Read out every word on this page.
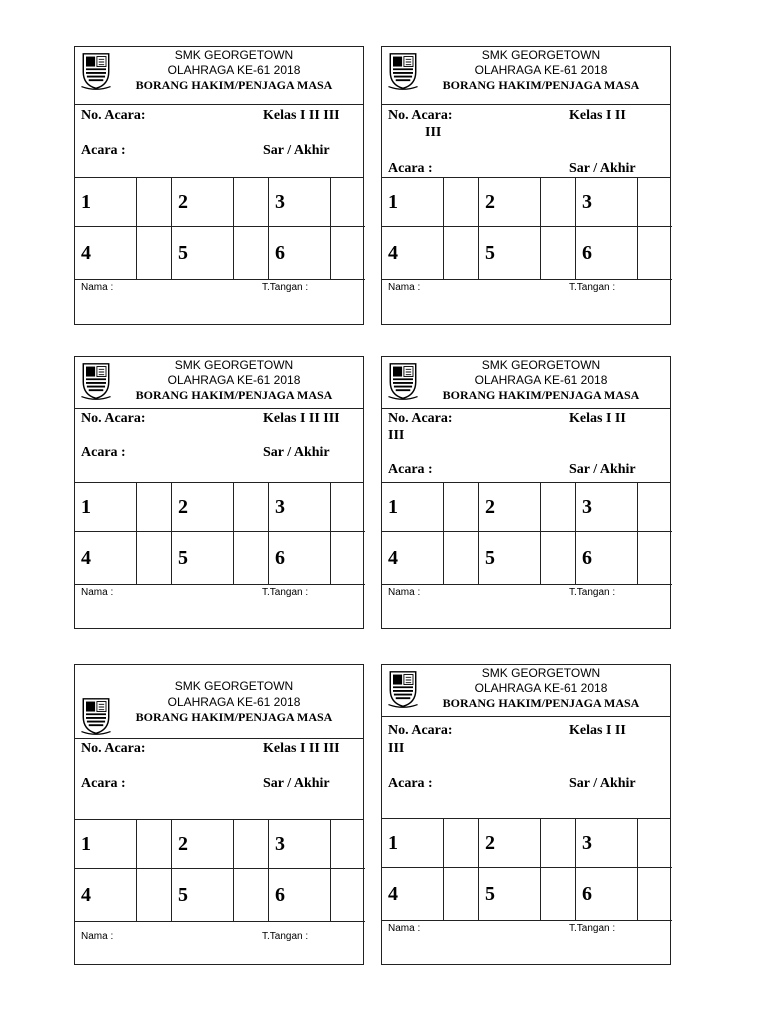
SMK GEORGETOWN
OLAHRAGA KE-61 2018
BORANG HAKIM/PENJAGA MASA
No. Acara:	Kelas I II III
Acara :	Sar / Akhir
1	2	3
4	5	6
Nama :	T.Tangan :
SMK GEORGETOWN
OLAHRAGA KE-61 2018
BORANG HAKIM/PENJAGA MASA
No. Acara:	Kelas I II
III
Acara :	Sar / Akhir
1	2	3
4	5	6
Nama :	T.Tangan :
SMK GEORGETOWN
OLAHRAGA KE-61 2018
BORANG HAKIM/PENJAGA MASA
No. Acara:	Kelas I II III
Acara :	Sar / Akhir
1	2	3
4	5	6
Nama :	T.Tangan :
SMK GEORGETOWN
OLAHRAGA KE-61 2018
BORANG HAKIM/PENJAGA MASA
No. Acara:	Kelas I II
III
Acara :	Sar / Akhir
1	2	3
4	5	6
Nama :	T.Tangan :
SMK GEORGETOWN
OLAHRAGA KE-61 2018
BORANG HAKIM/PENJAGA MASA
No. Acara:	Kelas I II III
Acara :	Sar / Akhir
1	2	3
4	5	6
Nama :	T.Tangan :
SMK GEORGETOWN
OLAHRAGA KE-61 2018
BORANG HAKIM/PENJAGA MASA
No. Acara:	Kelas I II
III
Acara :	Sar / Akhir
1	2	3
4	5	6
Nama :	T.Tangan :
